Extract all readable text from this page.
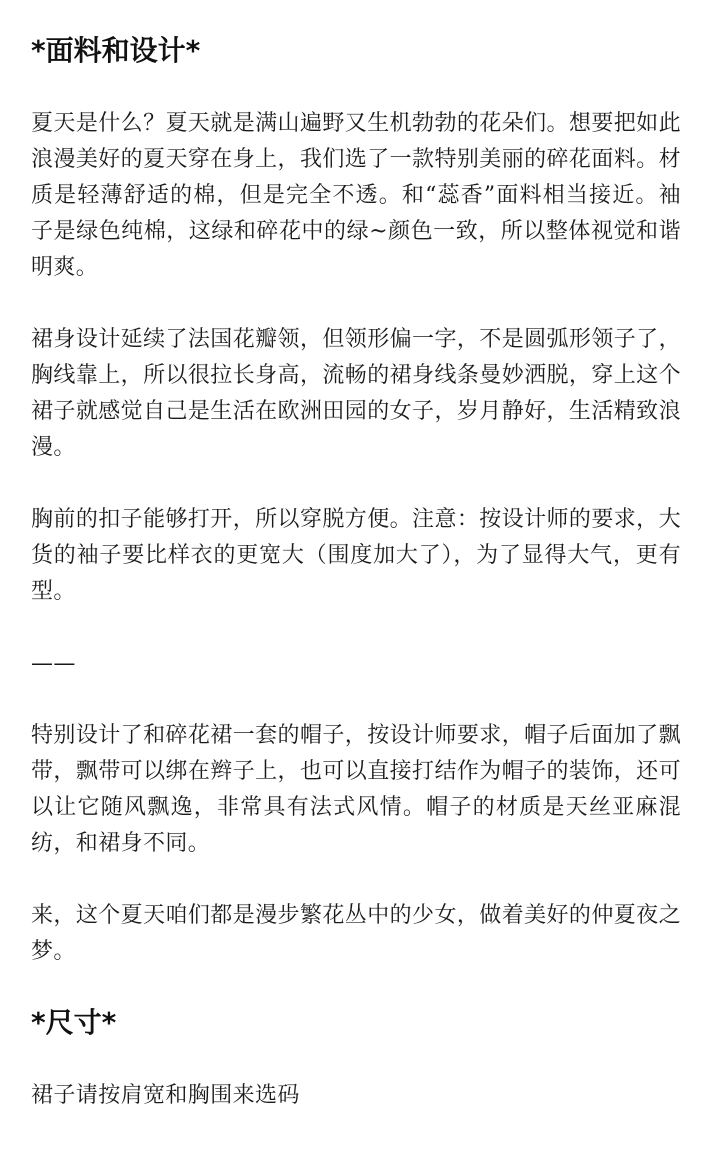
*面料和设计*

夏天是什么？夏天就是满山遍野又生机勃勃的花朵们。想要把如此浪漫美好的夏天穿在身上，我们选了一款特别美丽的碎花面料。材质是轻薄舒适的棉，但是完全不透。和“蕊香”面料相当接近。袖子是绿色纯棉，这绿和碎花中的绿~颜色一致，所以整体视觉和谐明爽。

裙身设计延续了法国花瓣领，但领形偏一字，不是圆弧形领子了，胸线靠上，所以很拉长身高，流畅的裙身线条曼妙洒脱，穿上这个裙子就感觉自己是生活在欧洲田园的女子，岁月静好，生活精致浪漫。

胸前的扣子能够打开，所以穿脱方便。注意：按设计师的要求，大货的袖子要比样衣的更宽大（围度加大了），为了显得大气，更有型。

——

特别设计了和碎花裙一套的帽子，按设计师要求，帽子后面加了飘带，飘带可以绑在辫子上，也可以直接打结作为帽子的装饰，还可以让它随风飘逸，非常具有法式风情。帽子的材质是天丝亚麻混纺，和裙身不同。

来，这个夏天咱们都是漫步繁花丛中的少女，做着美好的仲夏夜之梦。

*尺寸*

裙子请按肩宽和胸围来选码
